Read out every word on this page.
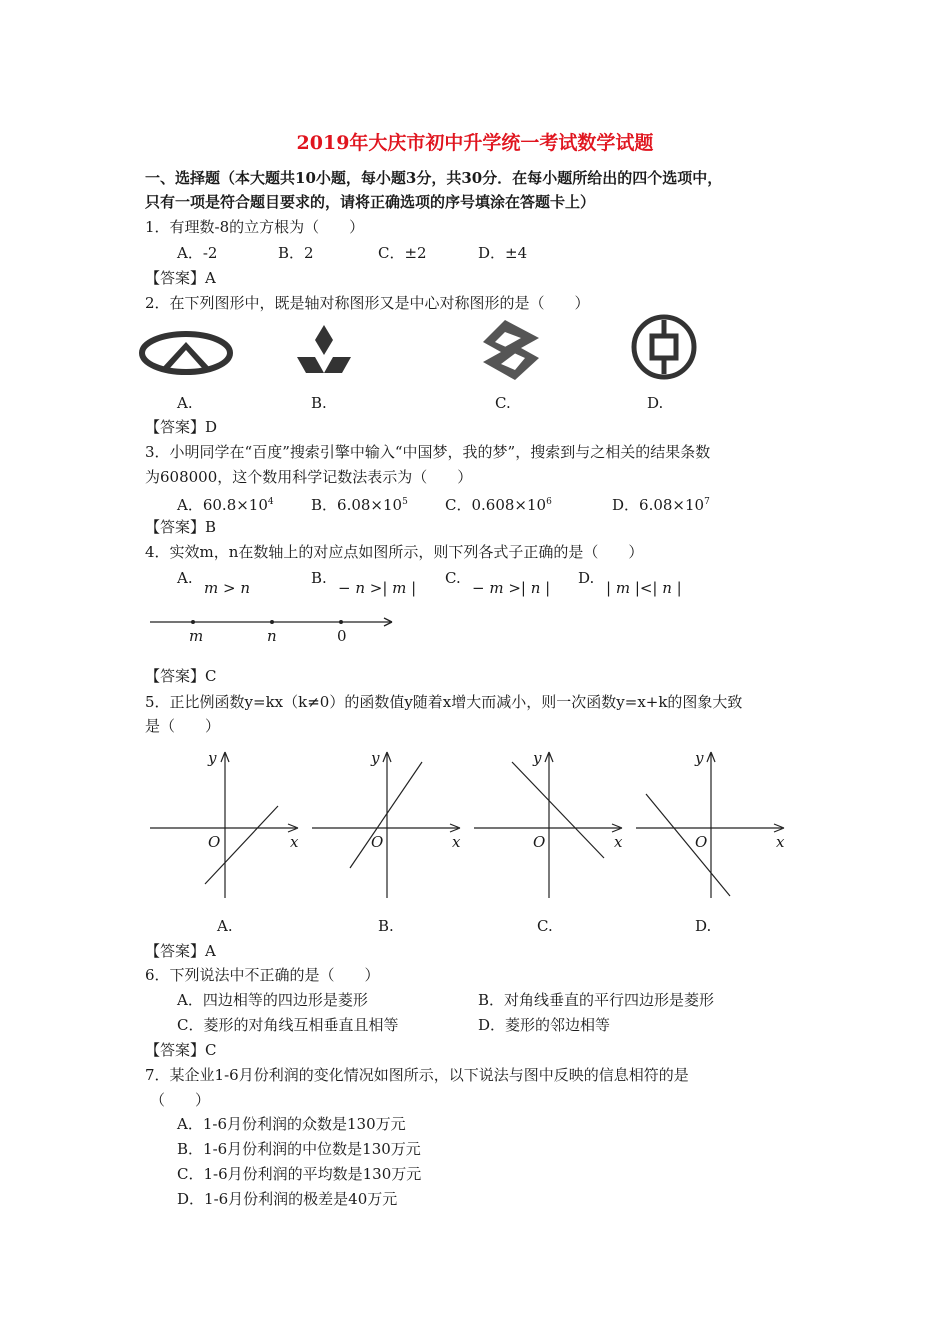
2019年大庆市初中升学统一考试数学试题
一、选择题（本大题共10小题，每小题3分，共30分．在每小题所给出的四个选项中，
只有一项是符合题目要求的，请将正确选项的序号填涂在答题卡上）
1．有理数-8的立方根为（　　）
A．-2	B．2	C．±2	D．±4
【答案】A
2．在下列图形中，既是轴对称图形又是中心对称图形的是（　　）
A.	B.	C.	D.
【答案】D
3．小明同学在“百度”搜索引擎中输入“中国梦，我的梦”，搜索到与之相关的结果条数
为608000，这个数用科学记数法表示为（　　）
A．$60.8\times 10^4$ B．$6.08\times 10^5$ C．$0.608\times 10^6$	D．$6.08\times 10^7$
【答案】B
4．实效m，n在数轴上的对应点如图所示，则下列各式子正确的是（　　）
A.
m > n
B.
− n >| m |
C.
− m >| n |
D.
| m |<| n |
m	n	0
【答案】C
5．正比例函数y=kx（k≠0）的函数值y随着x增大而减小，则一次函数y=x+k的图象大致
是（　　）
y
O	x
y
O	x
y
O	x
y
O	x
A.	B.	C.	D.
【答案】A
6．下列说法中不正确的是（　　）
A．四边相等的四边形是菱形	B．对角线垂直的平行四边形是菱形
C．菱形的对角线互相垂直且相等	D．菱形的邻边相等
【答案】C
7．某企业1-6月份利润的变化情况如图所示，以下说法与图中反映的信息相符的是
（　　）
A．1-6月份利润的众数是130万元
B．1-6月份利润的中位数是130万元
C．1-6月份利润的平均数是130万元
D．1-6月份利润的极差是40万元
